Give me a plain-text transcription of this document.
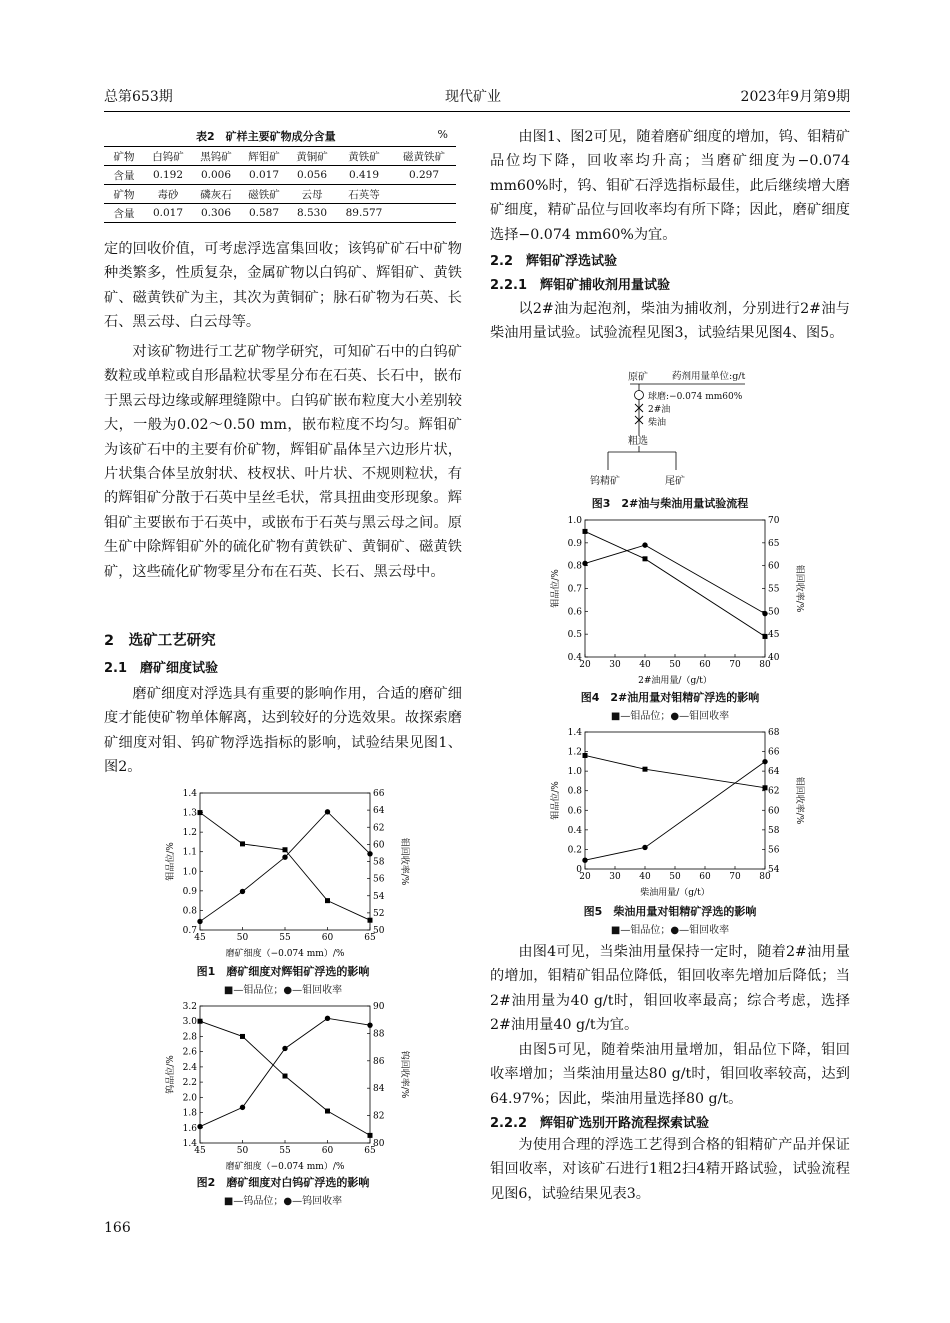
总第653期	现代矿业	2023年9月第9期
表2　矿样主要矿物成分含量	%
矿物	白钨矿	黑钨矿	辉钼矿	黄铜矿	黄铁矿	磁黄铁矿
含量	0.192	0.006	0.017	0.056	0.419	0.297
矿物	毒砂	磷灰石	磁铁矿	云母	石英等	
含量	0.017	0.306	0.587	8.530	89.577	

定的回收价值，可考虑浮选富集回收；该钨矿矿石中矿物种类繁多，性质复杂，金属矿物以白钨矿、辉钼矿、黄铁矿、磁黄铁矿为主，其次为黄铜矿；脉石矿物为石英、长石、黑云母、白云母等。

对该矿物进行工艺矿物学研究，可知矿石中的白钨矿数粒或单粒或自形晶粒状零星分布在石英、长石中，嵌布于黑云母边缘或解理缝隙中。白钨矿嵌布粒度大小差别较大，一般为0.02～0.50 mm，嵌布粒度不均匀。辉钼矿为该矿石中的主要有价矿物，辉钼矿晶体呈六边形片状，片状集合体呈放射状、枝杈状、叶片状、不规则粒状，有的辉钼矿分散于石英中呈丝毛状，常具扭曲变形现象。辉钼矿主要嵌布于石英中，或嵌布于石英与黑云母之间。原生矿中除辉钼矿外的硫化矿物有黄铁矿、黄铜矿、磁黄铁矿，这些硫化矿物零星分布在石英、长石、黑云母中。

2　选矿工艺研究
2.1　磨矿细度试验

磨矿细度对浮选具有重要的影响作用，合适的磨矿细度才能使矿物单体解离，达到较好的分选效果。故探索磨矿细度对钼、钨矿物浮选指标的影响，试验结果见图1、图2。

45	50	55	60	65
0.7
0.8
0.9
1.0
1.1
1.2
1.3
1.4
50
52
54
56
58
60
62
64
66
磨矿细度（−0.074 mm）/%
钼品位/%	钼回收率/%
图1　磨矿细度对辉钼矿浮选的影响
■—钼品位；●—钼回收率
45	50	55	60	65
1.4
1.6
1.8
2.0
2.2
2.4
2.6
2.8
3.0
3.2
80
82
84
86
88
90
磨矿细度（−0.074 mm）/%
钨品位/%	钨回收率/%
图2　磨矿细度对白钨矿浮选的影响
■—钨品位；●—钨回收率
166

由图1、图2可见，随着磨矿细度的增加，钨、钼精矿品位均下降，回收率均升高；当磨矿细度为−0.074 mm60%时，钨、钼矿石浮选指标最佳，此后继续增大磨矿细度，精矿品位与回收率均有所下降；因此，磨矿细度选择−0.074 mm60%为宜。

2.2　辉钼矿浮选试验
2.2.1　辉钼矿捕收剂用量试验

以2#油为起泡剂，柴油为捕收剂，分别进行2#油与柴油用量试验。试验流程见图3，试验结果见图4、图5。

原矿	药剂用量单位:g/t
球磨:−0.074 mm60%
2#油
柴油
粗选
钨精矿	尾矿
图3　2#油与柴油用量试验流程
20 30 40 50 60 70 80
0.4
0.5
0.6
0.7
0.8
0.9
1.0
40
45
50
55
60
65
70
2#油用量/（g/t）
钼品位/%	钼回收率/%
图4　2#油用量对钼精矿浮选的影响
■—钼品位；●—钼回收率
20 30 40 50 60 70 80
0
0.2
0.4
0.6
0.8
1.0
1.2
1.4
54
56
58
60
62
64
66
68
柴油用量/（g/t）
钼品位/%	钼回收率/%
图5　柴油用量对钼精矿浮选的影响
■—钼品位；●—钼回收率

由图4可见，当柴油用量保持一定时，随着2#油用量的增加，钼精矿钼品位降低，钼回收率先增加后降低；当2#油用量为40 g/t时，钼回收率最高；综合考虑，选择2#油用量40 g/t为宜。

由图5可见，随着柴油用量增加，钼品位下降，钼回收率增加；当柴油用量达80 g/t时，钼回收率较高，达到64.97%；因此，柴油用量选择80 g/t。

2.2.2　辉钼矿选别开路流程探索试验

为使用合理的浮选工艺得到合格的钼精矿产品并保证钼回收率，对该矿石进行1粗2扫4精开路试验，试验流程见图6，试验结果见表3。
